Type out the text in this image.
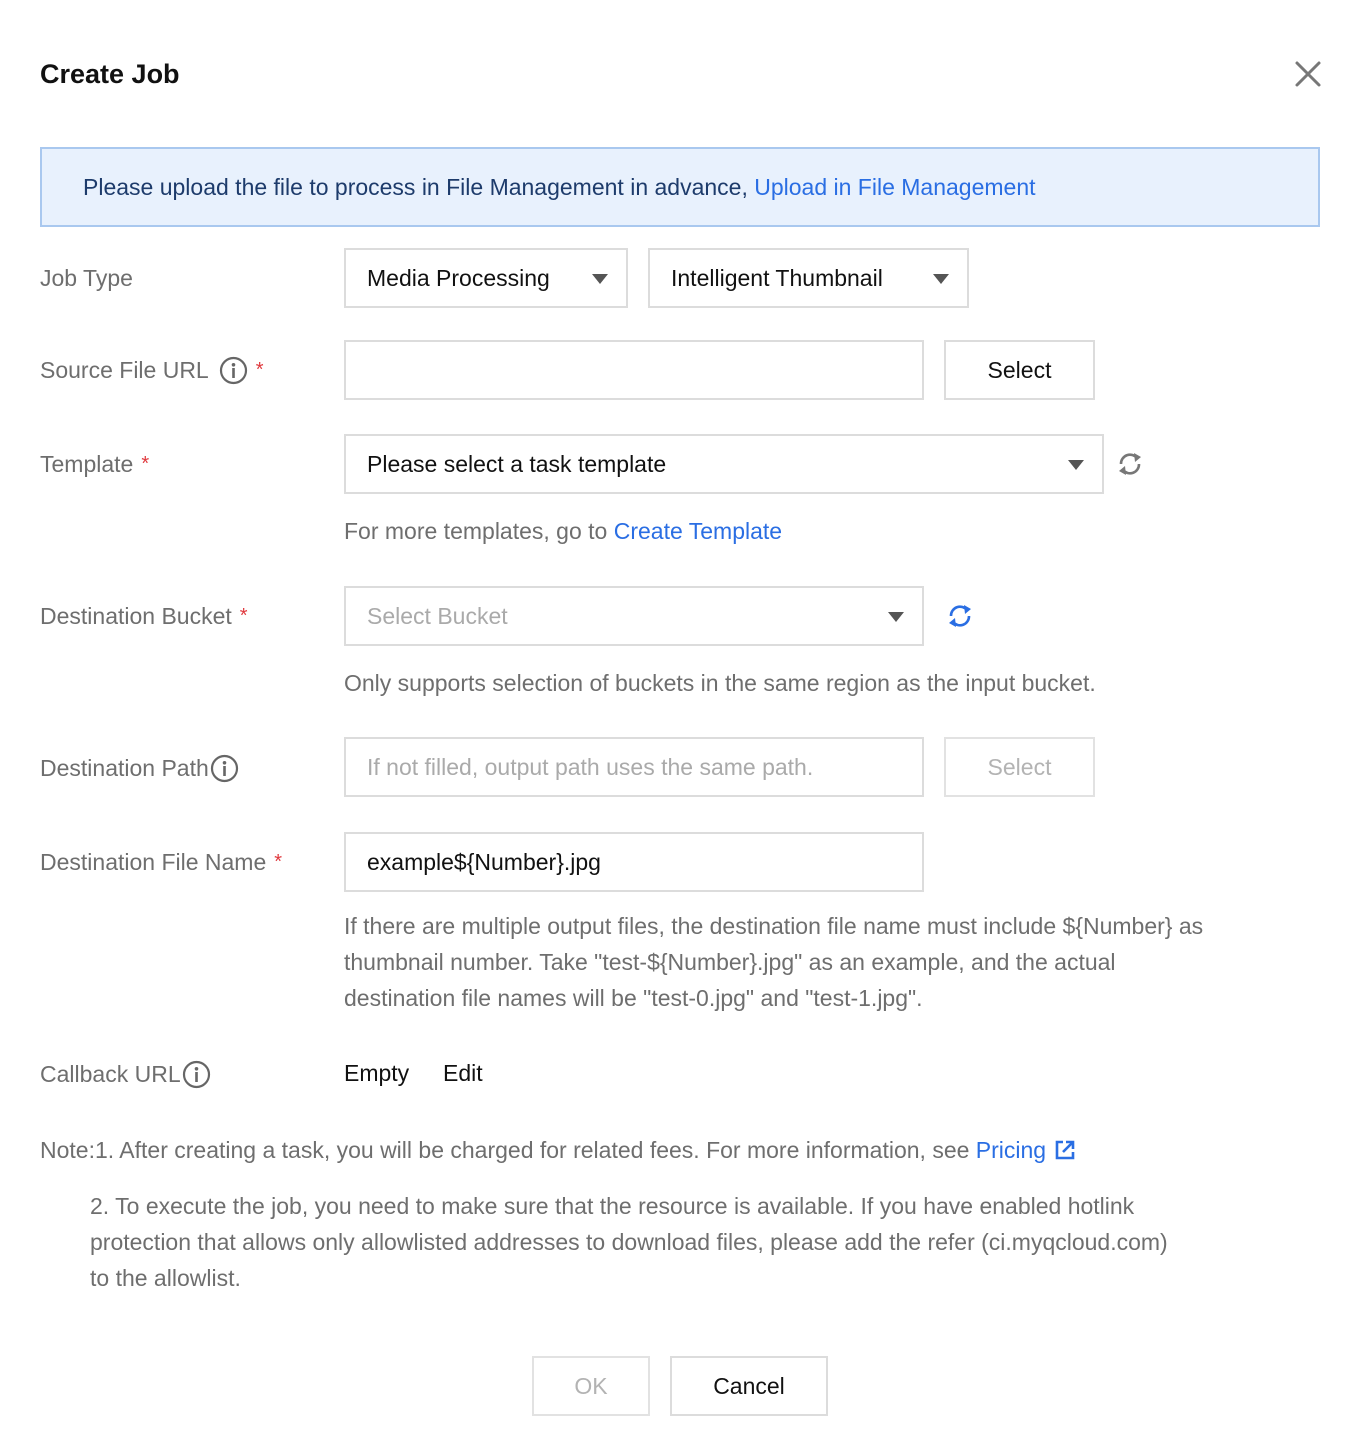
Create Job
Please upload the file to process in File Management in advance, Upload in File Management
Job Type	Media Processing	Intelligent Thumbnail
Source File URL *	Select
Template *	Please select a task template
For more templates, go to Create Template
Destination Bucket *	Select Bucket
Only supports selection of buckets in the same region as the input bucket.
Destination Path	If not filled, output path uses the same path.	Select
Destination File Name *	example${Number}.jpg
If there are multiple output files, the destination file name must include ${Number} as
thumbnail number. Take "test-${Number}.jpg" as an example, and the actual
destination file names will be "test-0.jpg" and "test-1.jpg".
Callback URL	Empty Edit
Note:1. After creating a task, you will be charged for related fees. For more information, see Pricing
2. To execute the job, you need to make sure that the resource is available. If you have enabled hotlink
protection that allows only allowlisted addresses to download files, please add the refer (ci.myqcloud.com)
to the allowlist.
OK	Cancel
